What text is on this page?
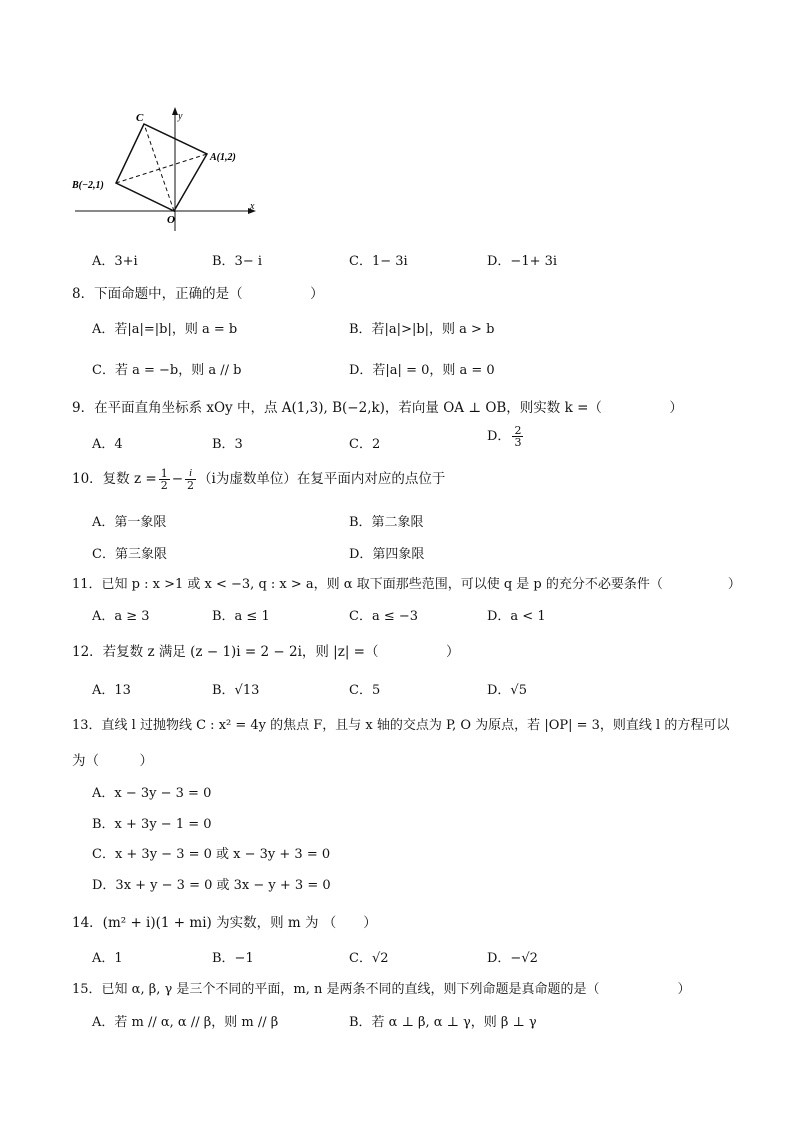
C
A(1,2)
B(−2,1)
O
x
y
A．3+i	B．3− i	C．1− 3i	D．−1+ 3i
8．下面命题中，正确的是（　　　　　）
A．若|a|=|b|，则 a = b	B．若|a|>|b|，则 a > b
C．若 a = −b，则 a // b	D．若|a| = 0，则 a = 0
9．在平面直角坐标系 xOy 中，点 A(1,3), B(−2,k)，若向量 OA ⊥ OB，则实数 k =（　　　　　）
A．4	B．3	C．2
D． $\frac{2}{3}$
10．复数 $z = \frac{1}{2} - \frac{i}{2} (i$为虚数单位）在复平面内对应的点位于
A．第一象限	B．第二象限
C．第三象限	D．第四象限
11．已知 p : x >1 或 x < −3, q : x > a，则 α 取下面那些范围，可以使 q 是 p 的充分不必要条件（　　　　　）
A．a ≥ 3	B．a ≤ 1	C．a ≤ −3	D．a < 1
12．若复数 z 满足 (z − 1)i = 2 − 2i，则 |z| =（　　　　　）
A．13	B．√13	C．5	D．√5
13．直线 l 过抛物线 C : x² = 4y 的焦点 F，且与 x 轴的交点为 P, O 为原点，若 |OP| = 3，则直线 l 的方程可以
为（　　　）
A．x − 3y − 3 = 0
B．x + 3y − 1 = 0
C．x + 3y − 3 = 0 或 x − 3y + 3 = 0
D．3x + y − 3 = 0 或 3x − y + 3 = 0
14．(m² + i)(1 + mi) 为实数，则 m 为 （　　）
A．1	B．−1	C．√2	D．−√2
15．已知 α, β, γ 是三个不同的平面，m, n 是两条不同的直线，则下列命题是真命题的是（　　　　　　）
A．若 m // α, α // β，则 m // β	B．若 α ⊥ β, α ⊥ γ，则 β ⊥ γ
